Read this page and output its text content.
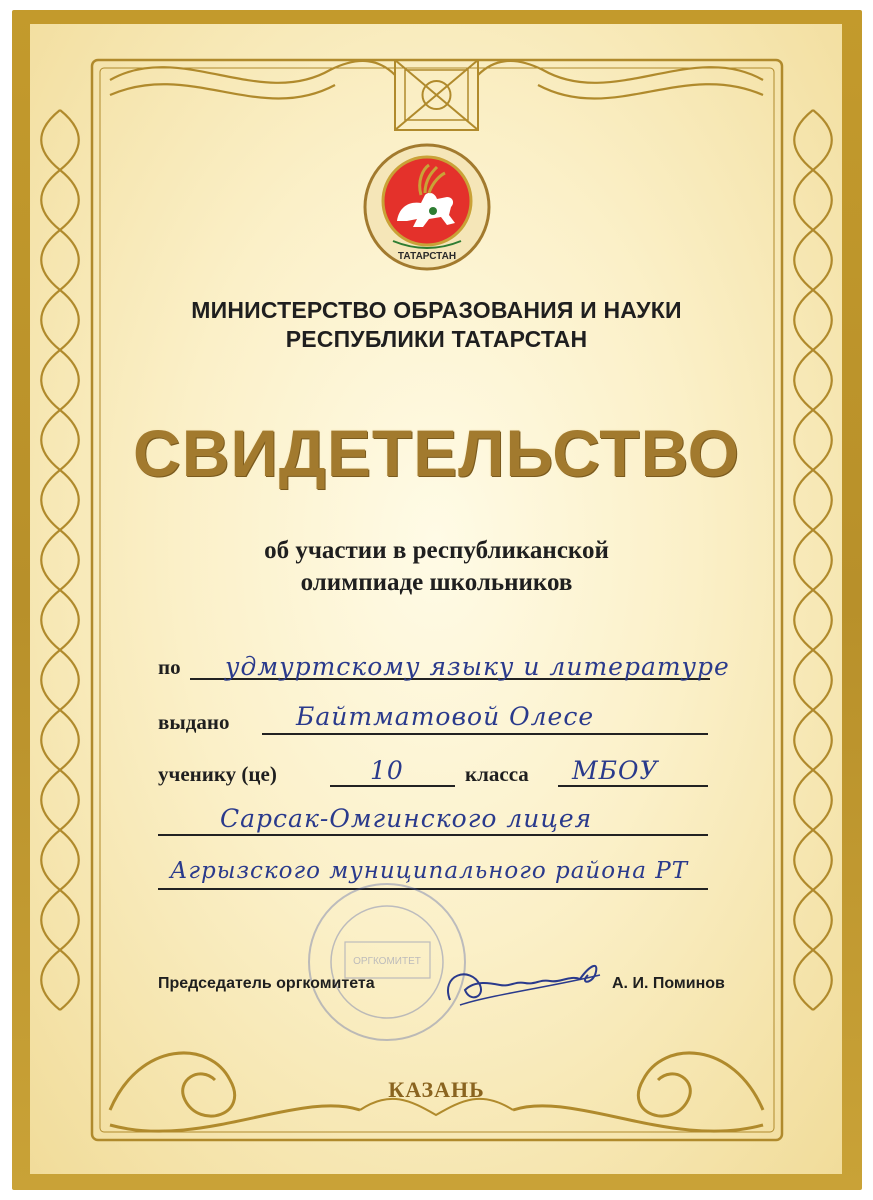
ТАТАРСТАН
МИНИСТЕРСТВО ОБРАЗОВАНИЯ И НАУКИ
РЕСПУБЛИКИ ТАТАРСТАН
СВИДЕТЕЛЬСТВО
об участии в республиканской
олимпиаде школьников
по удмуртскому языку и литературе
выдано	Байтматовой Олесе
ученику (це)	10	класса МБОУ
Сарсак-Омгинского лицея
Агрызского муниципального района РТ
ОРГКОМИТЕТ
Председатель оргкомитета	А. И. Поминов
КАЗАНЬ
